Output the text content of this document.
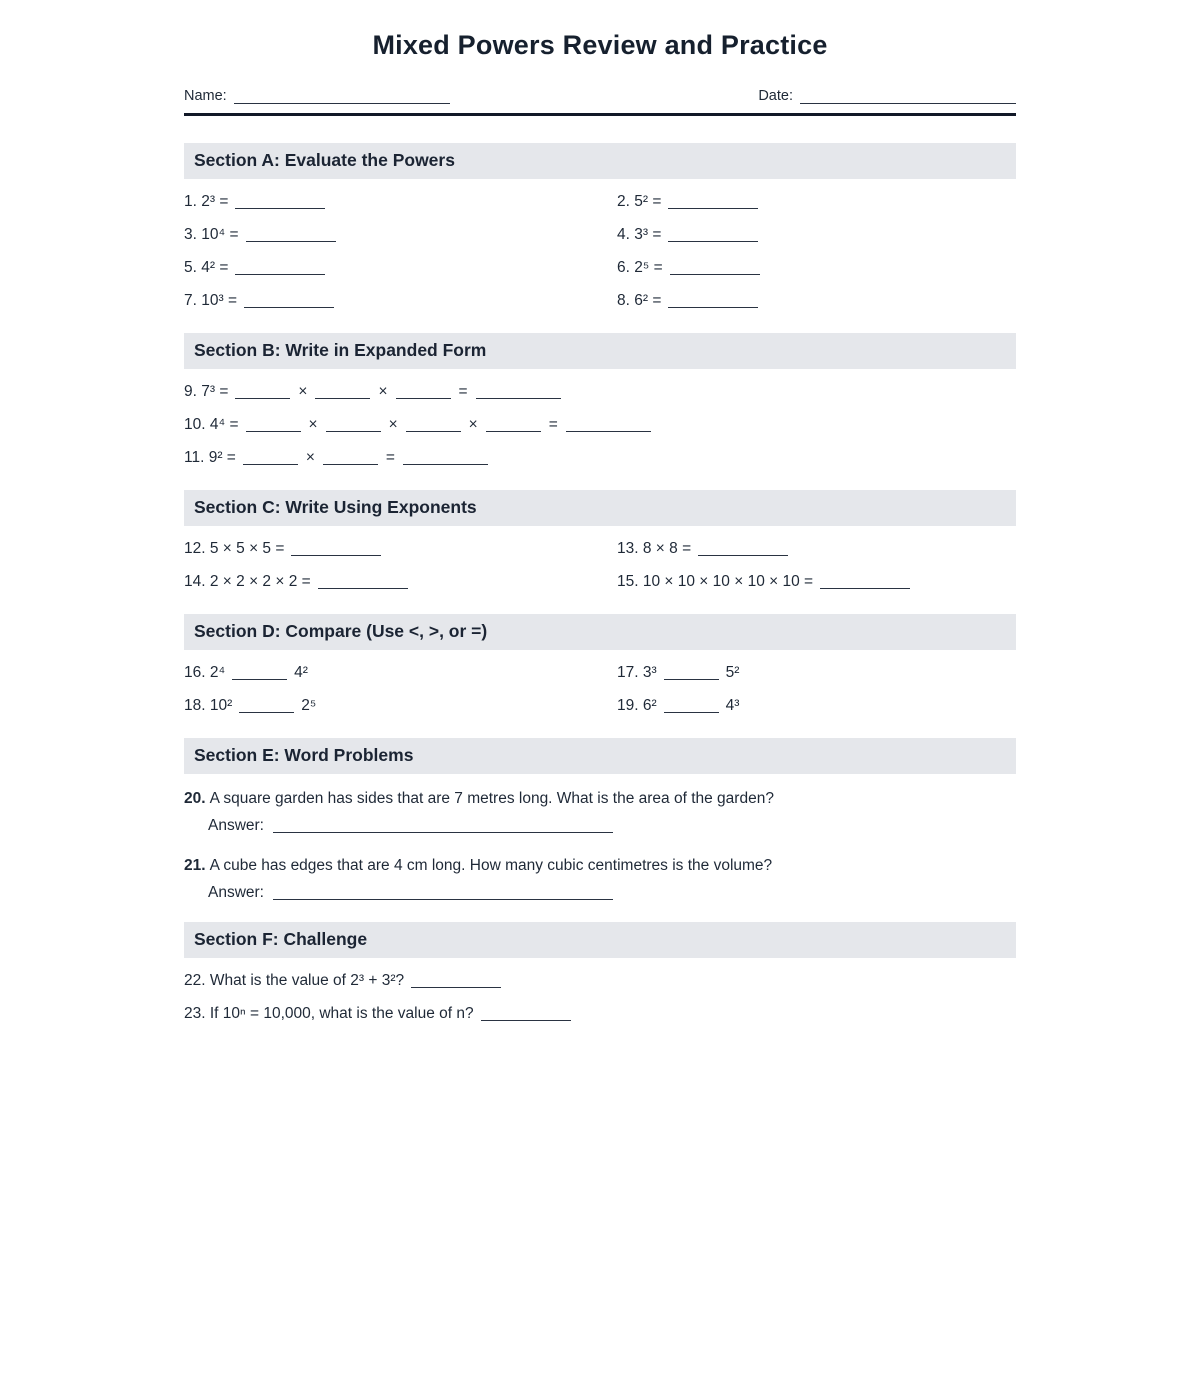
Mixed Powers Review and Practice
Name:	Date:
Section A: Evaluate the Powers
1. 2³ =	2. 5² =
3. 10⁴ =	4. 3³ =
5. 4² =	6. 2⁵ =
7. 10³ =	8. 6² =
Section B: Write in Expanded Form
9. 7³ =	×	×	=
10. 4⁴ =	×	×	×	=
11. 9² =	×	=
Section C: Write Using Exponents
12. 5 × 5 × 5 =	13. 8 × 8 =
14. 2 × 2 × 2 × 2 =	15. 10 × 10 × 10 × 10 × 10 =
Section D: Compare (Use <, >, or =)
16. 2⁴	4²	17. 3³	5²
18. 10²	2⁵	19. 6²	4³
Section E: Word Problems
20. A square garden has sides that are 7 metres long. What is the area of the garden?
Answer:
21. A cube has edges that are 4 cm long. How many cubic centimetres is the volume?
Answer:
Section F: Challenge
22. What is the value of 2³ + 3²?
23. If 10ⁿ = 10,000, what is the value of n?
